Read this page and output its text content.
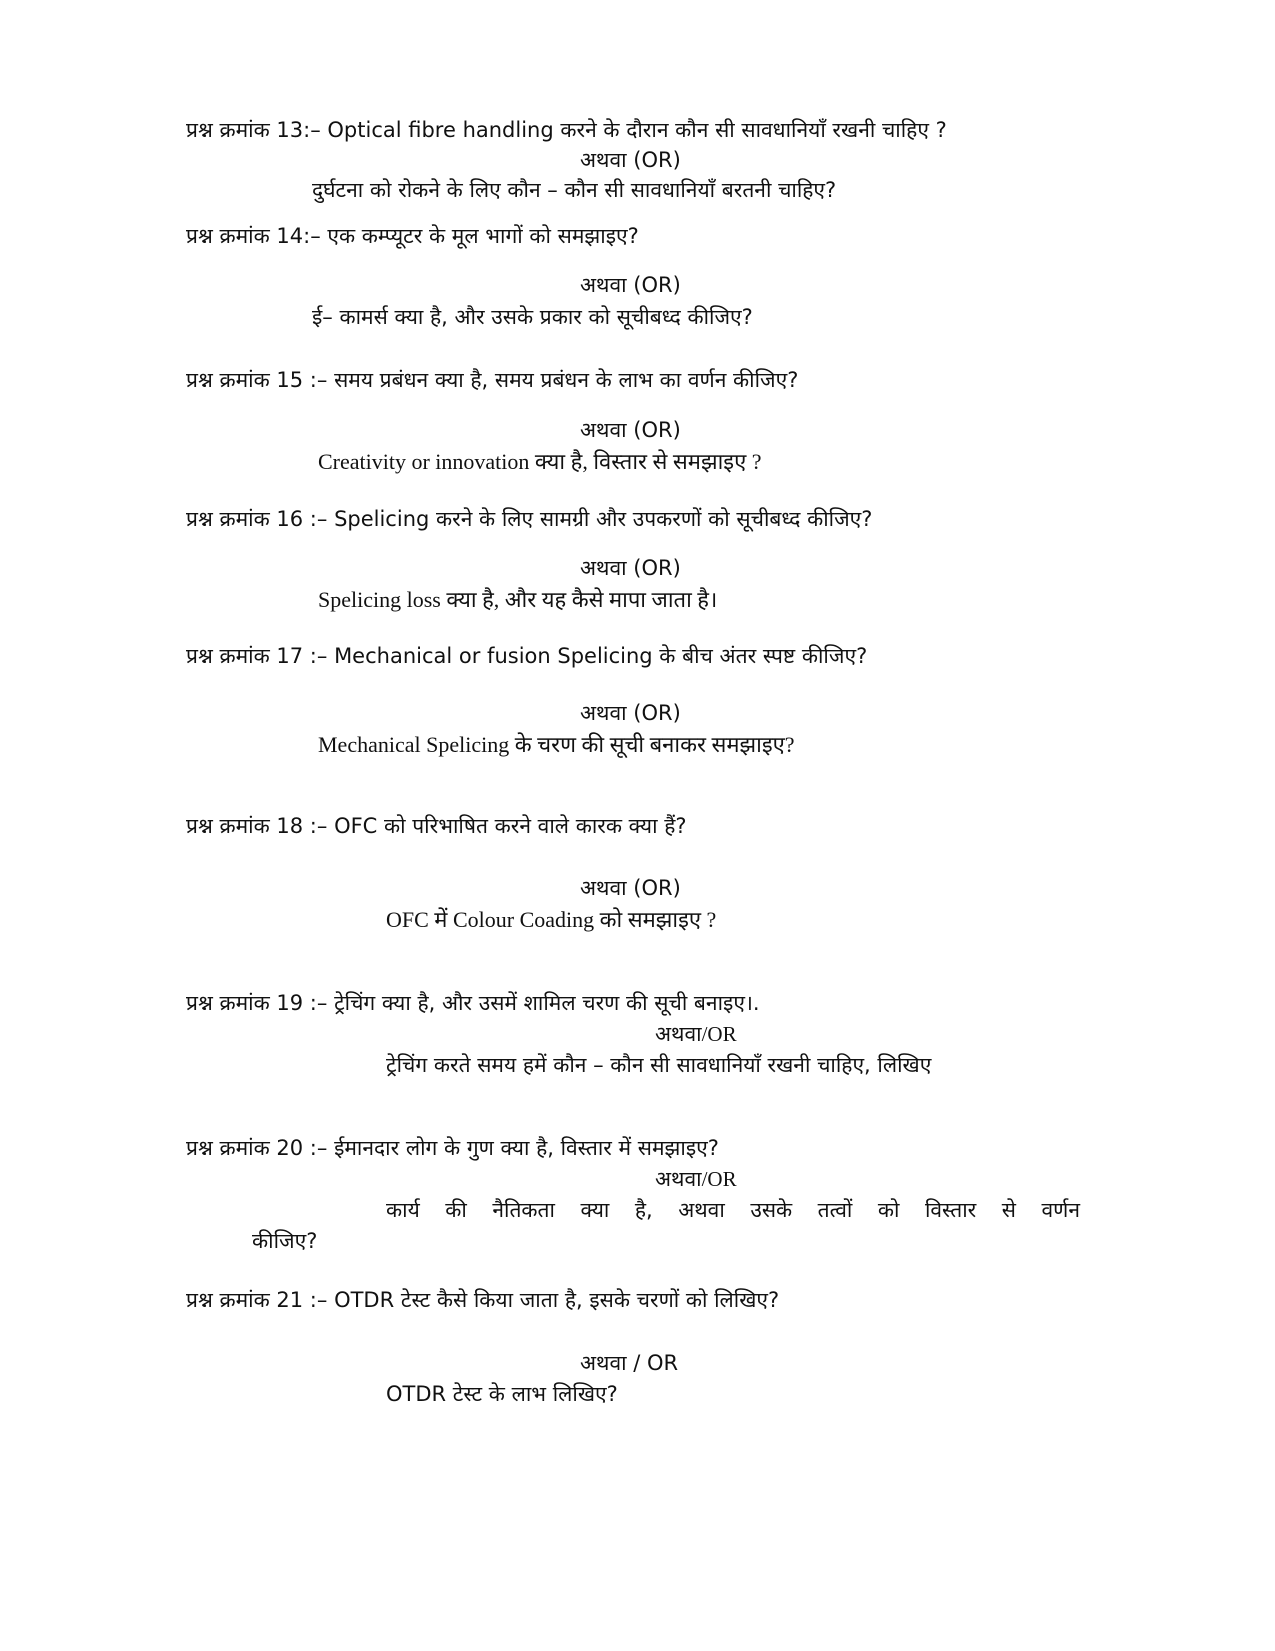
प्रश्न क्रमांक 13:– Optical fibre handling करने के दौरान कौन सी सावधानियाँ रखनी चाहिए ?
अथवा (OR)
दुर्घटना को रोकने के लिए कौन – कौन सी सावधानियाँ बरतनी चाहिए?
प्रश्न क्रमांक 14:– एक कम्प्यूटर के मूल भागों को समझाइए?
अथवा (OR)
ई– कामर्स क्या है, और उसके प्रकार को सूचीबध्द कीजिए?
प्रश्न क्रमांक 15 :– समय प्रबंधन क्या है, समय प्रबंधन के लाभ का वर्णन कीजिए?
अथवा (OR)
Creativity or innovation क्या है, विस्तार से समझाइए ?
प्रश्न क्रमांक 16 :– Spelicing करने के लिए सामग्री और उपकरणों को सूचीबध्द कीजिए?
अथवा (OR)
Spelicing loss क्या है, और यह कैसे मापा जाता है।
प्रश्न क्रमांक 17 :– Mechanical or fusion Spelicing के बीच अंतर स्पष्ट कीजिए?
अथवा (OR)
Mechanical Spelicing के चरण की सूची बनाकर समझाइए?
प्रश्न क्रमांक 18 :– OFC को परिभाषित करने वाले कारक क्या हैं?
अथवा (OR)
OFC में Colour Coading को समझाइए ?
प्रश्न क्रमांक 19 :– ट्रेचिंग क्या है, और उसमें शामिल चरण की सूची बनाइए।.
अथवा/OR
ट्रेचिंग करते समय हमें कौन – कौन सी सावधानियाँ रखनी चाहिए, लिखिए
प्रश्न क्रमांक 20 :– ईमानदार लोग के गुण क्या है, विस्तार में समझाइए?
अथवा/OR
कार्य की नैतिकता क्या है, अथवा उसके तत्वों को विस्तार से वर्णन
कीजिए?
प्रश्न क्रमांक 21 :– OTDR टेस्ट कैसे किया जाता है, इसके चरणों को लिखिए?
अथवा / OR
OTDR टेस्ट के लाभ लिखिए?
